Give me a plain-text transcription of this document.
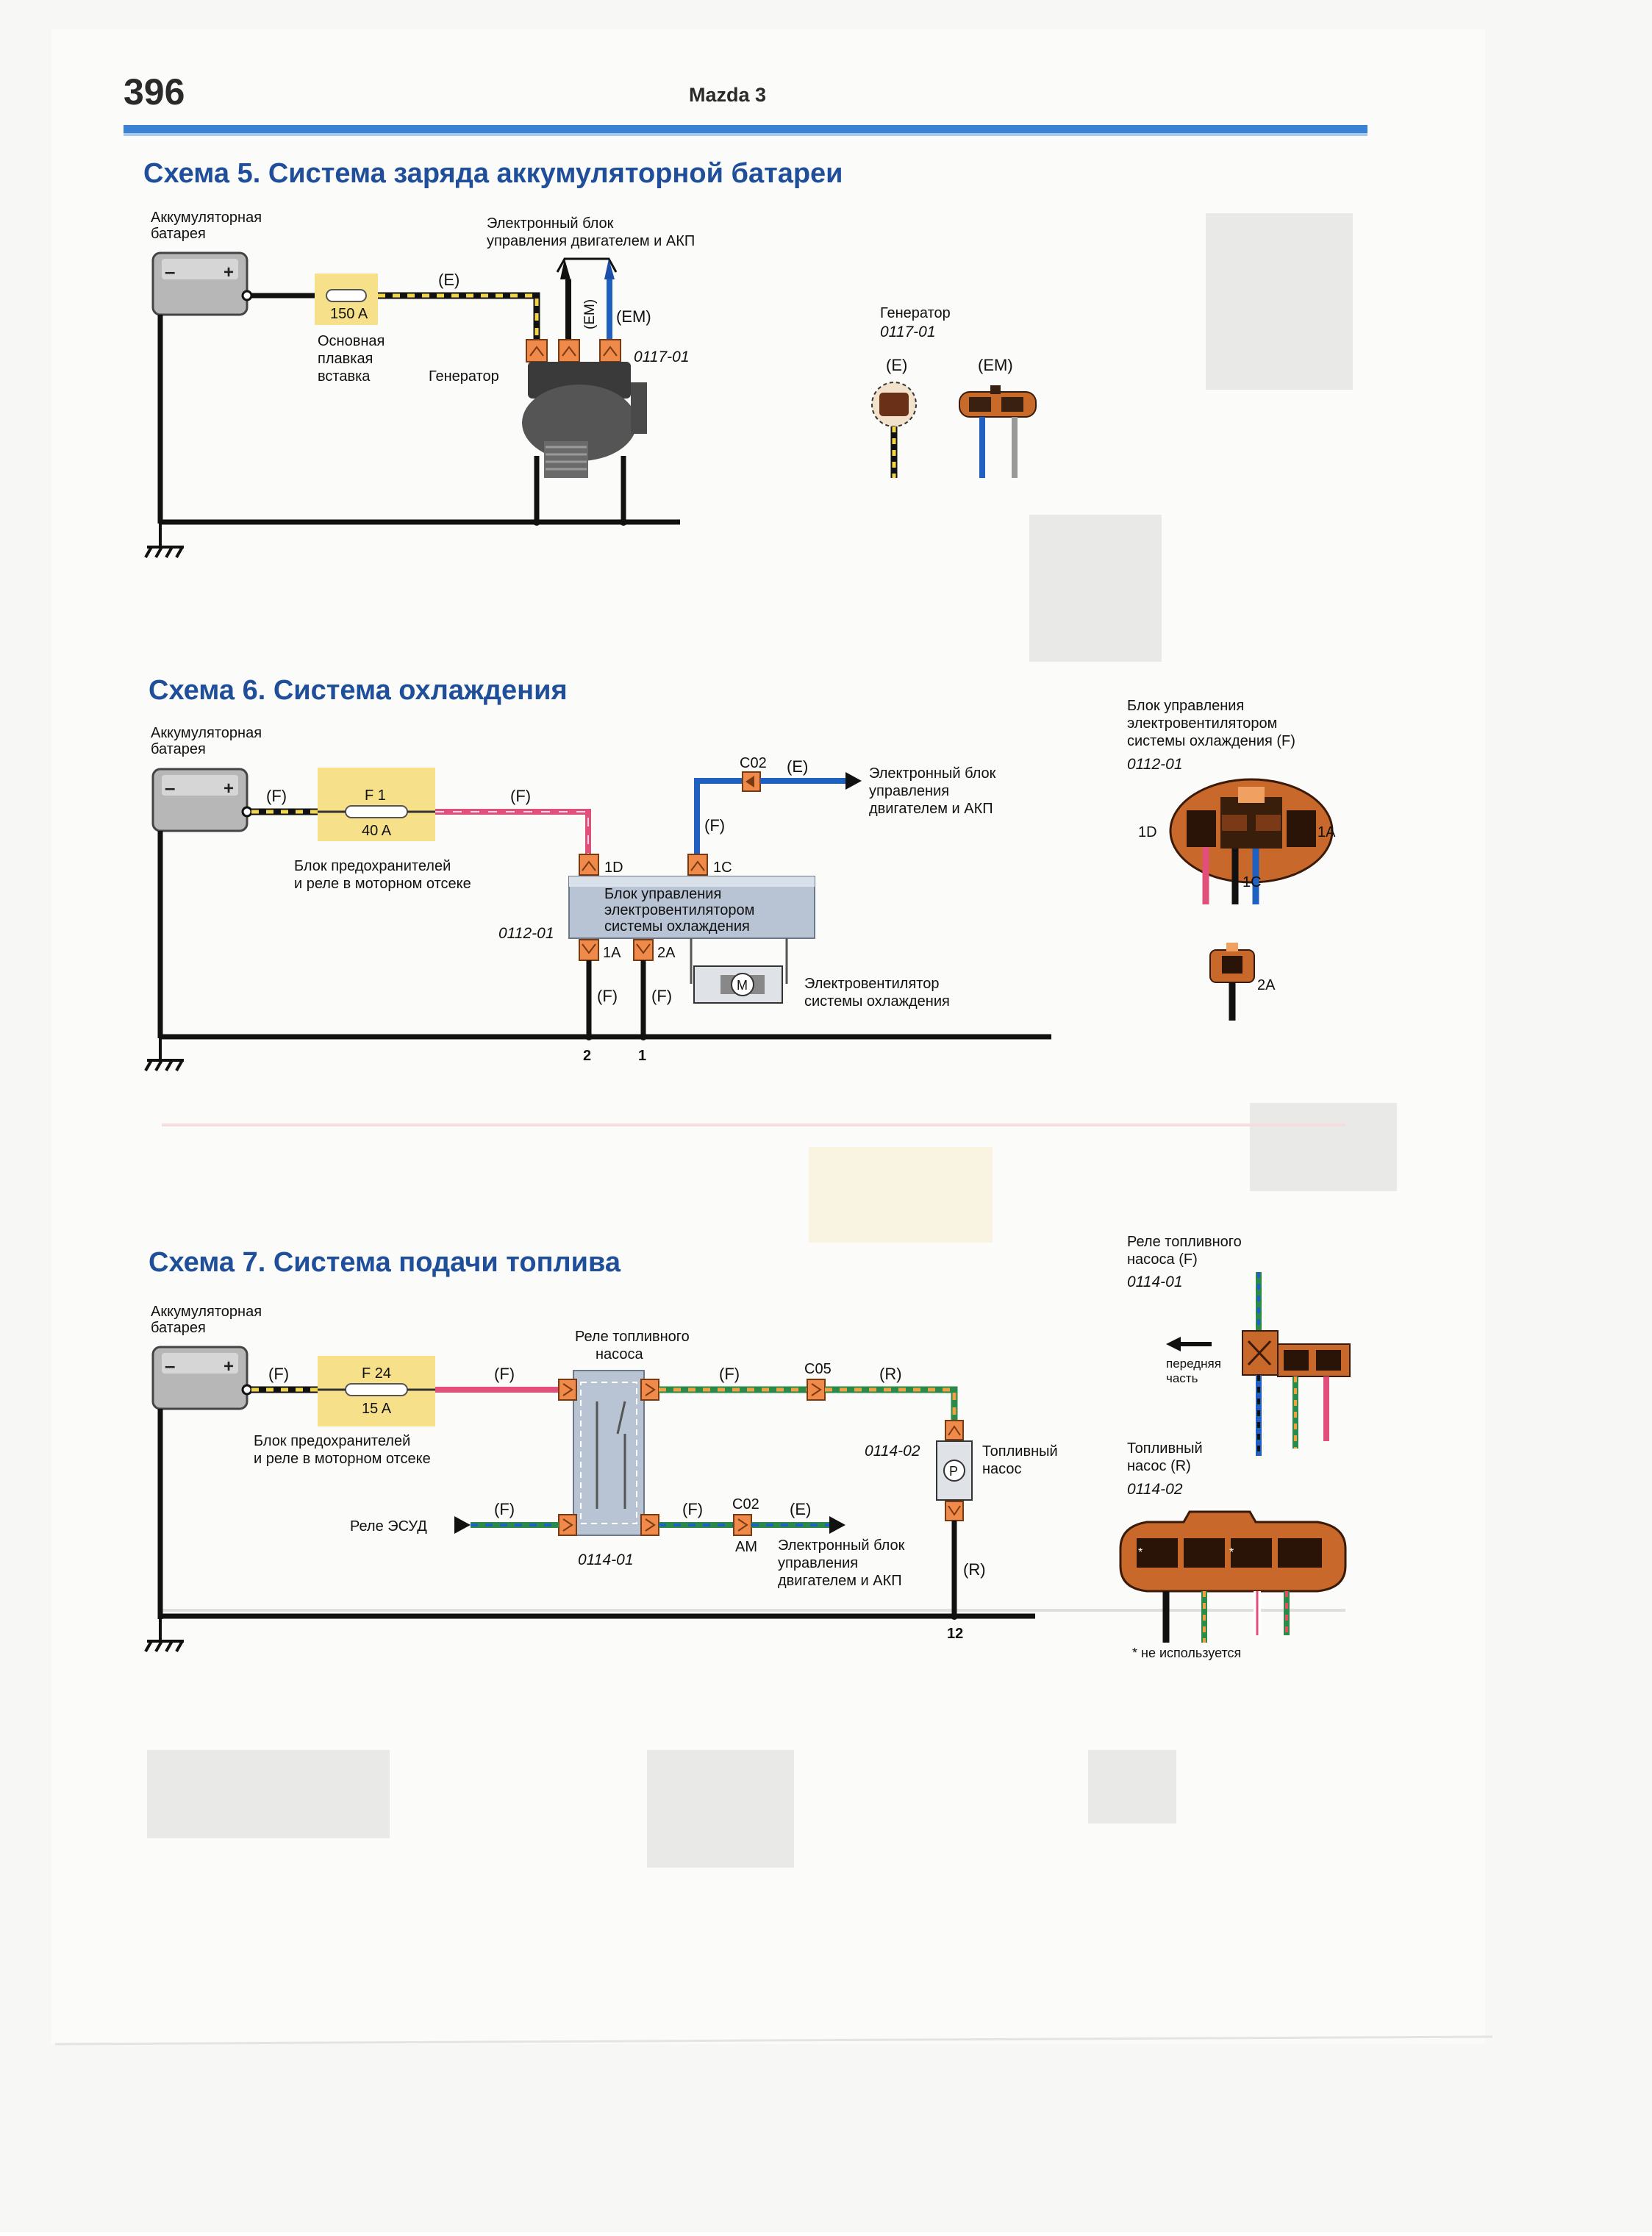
396	Mazda 3
Схема 5. Система заряда аккумуляторной батареи
Аккумуляторная
батарея
–	+
150 A
Основная
плавкая
вставка
(E)
Электронный блок
управления двигателем и АКП
(EM) (EM)
Генератор
0117-01
Генератор
0117-01
(E)	(EM)
Схема 6. Система охлаждения
Аккумуляторная
батарея
–	+ (F)	F 1
40 A
Блок предохранителей
и реле в моторном отсеке
(F)
1D
C02 (E)
(F)
Электронный блок
управления
двигателем и АКП
1C
Блок управления
электровентилятором
системы охлаждения
0112-01
1A 2A
(F) (F)
2	1
M	Электровентилятор
системы охлаждения
Блок управления
электровентилятором
системы охлаждения (F)
0112-01
1D	1A
1C
2A
Схема 7. Система подачи топлива
Аккумуляторная
батарея
–	+ (F)	F 24
15 A
Блок предохранителей
и реле в моторном отсеке
(F)
Реле топливного
насоса
0114-01
(F)	C05	(R)
P
0114-02	Топливный
насос
(R)
12
Реле ЭСУД
(F)	(F) C02
AM
(E)
Электронный блок
управления
двигателем и АКП
Реле топливного
насоса (F)
0114-01
передняя
часть
Топливный
насос (R)
0114-02
*	*
* не используется
